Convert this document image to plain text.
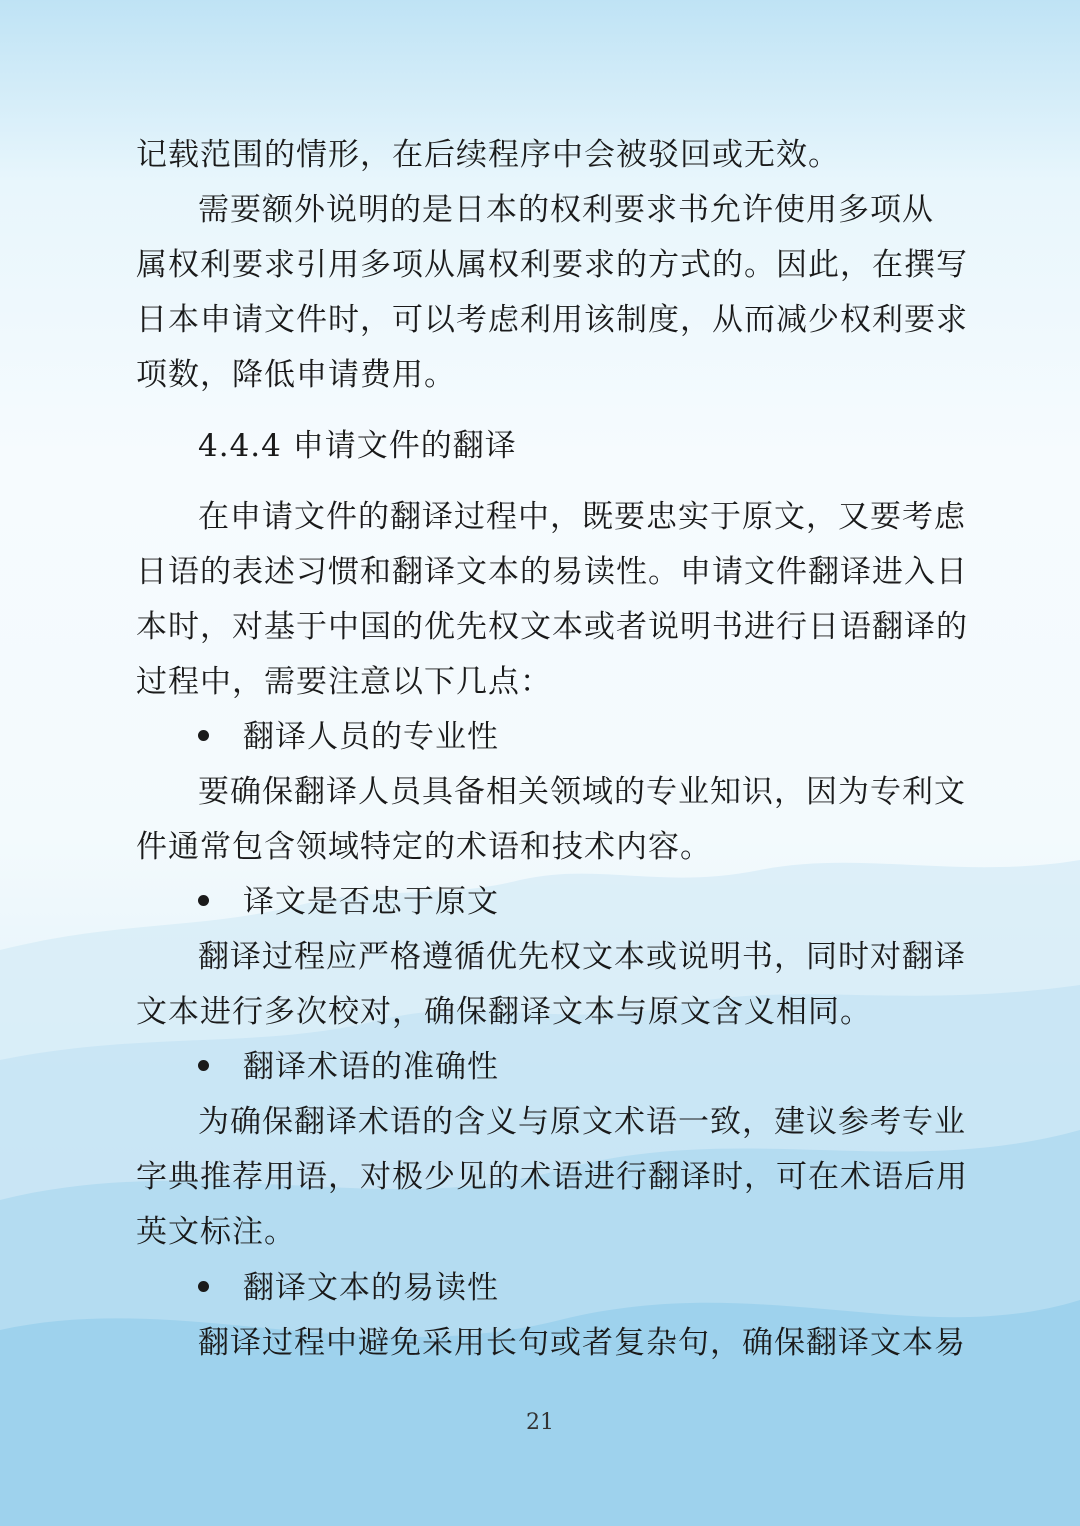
记载范围的情形，在后续程序中会被驳回或无效。
需要额外说明的是日本的权利要求书允许使用多项从
属权利要求引用多项从属权利要求的方式的。因此，在撰写
日本申请文件时，可以考虑利用该制度，从而减少权利要求
项数，降低申请费用。
4.4.4 申请文件的翻译
在申请文件的翻译过程中，既要忠实于原文，又要考虑
日语的表述习惯和翻译文本的易读性。申请文件翻译进入日
本时，对基于中国的优先权文本或者说明书进行日语翻译的
过程中，需要注意以下几点：
翻译人员的专业性
要确保翻译人员具备相关领域的专业知识，因为专利文
件通常包含领域特定的术语和技术内容。
译文是否忠于原文
翻译过程应严格遵循优先权文本或说明书，同时对翻译
文本进行多次校对，确保翻译文本与原文含义相同。
翻译术语的准确性
为确保翻译术语的含义与原文术语一致，建议参考专业
字典推荐用语，对极少见的术语进行翻译时，可在术语后用
英文标注。
翻译文本的易读性
翻译过程中避免采用长句或者复杂句，确保翻译文本易
21
